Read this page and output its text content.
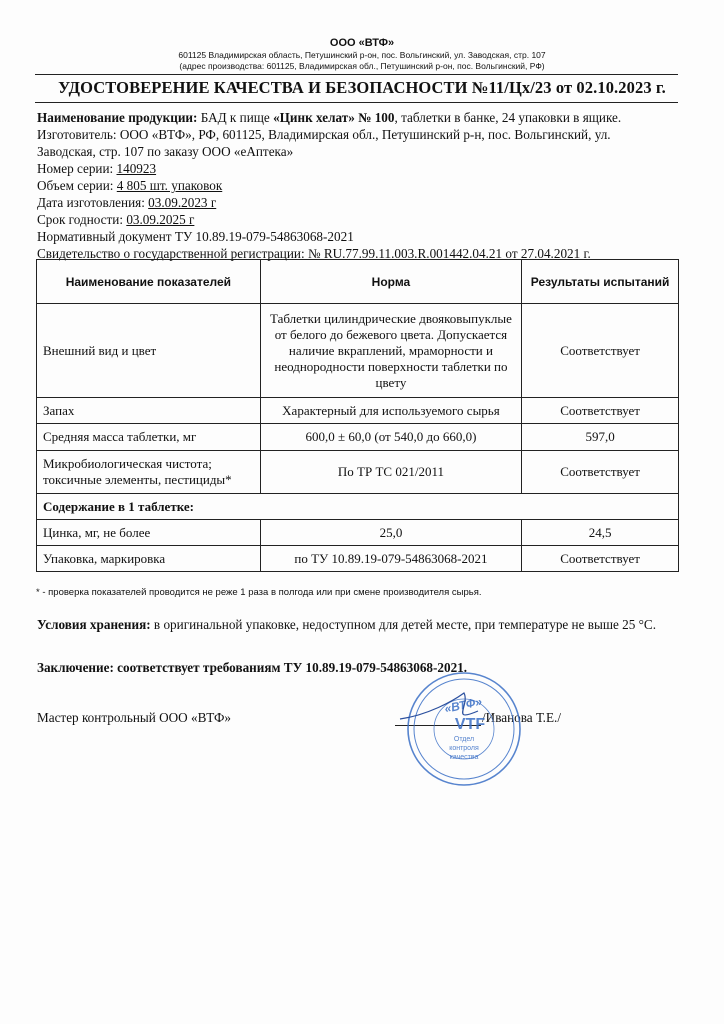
ООО «ВТФ»
601125 Владимирская область, Петушинский р-он, пос. Вольгинский, ул. Заводская, стр. 107
(адрес производства: 601125, Владимирская обл., Петушинский р-он, пос. Вольгинский, РФ)
УДОСТОВЕРЕНИЕ КАЧЕСТВА И БЕЗОПАСНОСТИ №11/Цх/23 от 02.10.2023 г.
Наименование продукции: БАД к пище «Цинк хелат» № 100, таблетки в банке, 24 упаковки в ящике.
Изготовитель: ООО «ВТФ», РФ, 601125, Владимирская обл., Петушинский р-н, пос. Вольгинский, ул.
Заводская, стр. 107 по заказу ООО «еАптека»
Номер серии: 140923
Объем серии: 4 805 шт. упаковок
Дата изготовления: 03.09.2023 г
Срок годности: 03.09.2025 г
Нормативный документ ТУ 10.89.19-079-54863068-2021
Свидетельство о государственной регистрации: № RU.77.99.11.003.R.001442.04.21 от 27.04.2021 г.
Наименование показателей	Норма	Результаты испытаний
Внешний вид и цвет	Таблетки цилиндрические двояковыпуклые от белого до бежевого цвета. Допускается наличие вкраплений, мраморности и неоднородности поверхности таблетки по цвету	Соответствует
Запах	Характерный для используемого сырья	Соответствует
Средняя масса таблетки, мг	600,0 ± 60,0 (от 540,0 до 660,0)	597,0
Микробиологическая чистота; токсичные элементы, пестициды*	По ТР ТС 021/2011	Соответствует
Содержание в 1 таблетке:		
Цинка, мг, не более	25,0	24,5
Упаковка, маркировка	по ТУ 10.89.19-079-54863068-2021	Соответствует
* - проверка показателей проводится не реже 1 раза в полгода или при смене производителя сырья.
Условия хранения: в оригинальной упаковке, недоступном для детей месте, при температуре не выше 25 °С.
Заключение: соответствует требованиям ТУ 10.89.19-079-54863068-2021.
Мастер контрольный ООО «ВТФ»	/Иванова Т.Е./
«ВТФ»
VTF
Отдел
контроля
качества
